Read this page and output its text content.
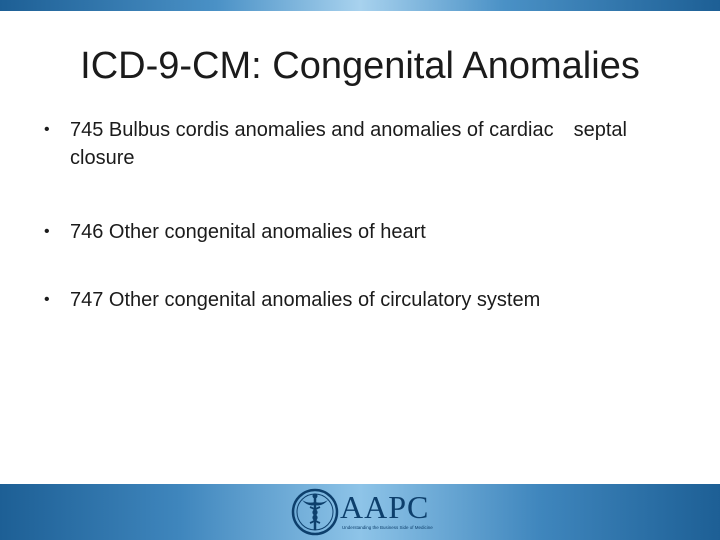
ICD-9-CM: Congenital Anomalies
• 745 Bulbus cordis anomalies and anomalies of cardiac septal
closure
• 746 Other congenital anomalies of heart
• 747 Other congenital anomalies of circulatory system
AAPC
Understanding the Business Side of Medicine
